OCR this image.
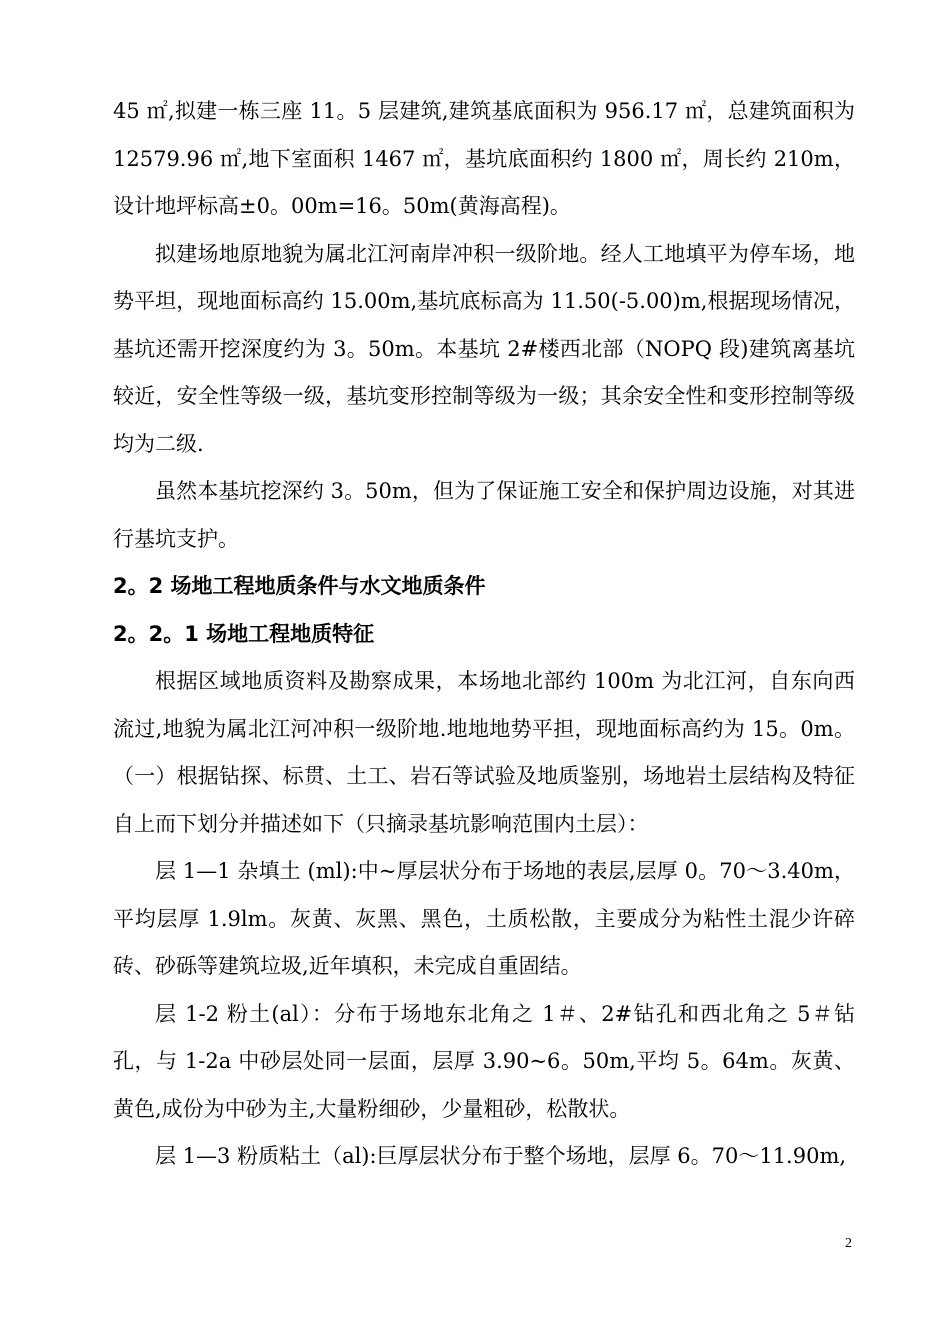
45 ㎡,拟建一栋三座 11。5 层建筑,建筑基底面积为 956.17 ㎡，总建筑面积为 12579.96 ㎡,地下室面积 1467 ㎡，基坑底面积约 1800 ㎡，周长约 210m，设计地坪标高±0。00m=16。50m(黄海高程)。

拟建场地原地貌为属北江河南岸冲积一级阶地。经人工地填平为停车场，地势平坦，现地面标高约 15.00m,基坑底标高为 11.50(-5.00)m,根据现场情况，基坑还需开挖深度约为 3。50m。本基坑 2#楼西北部（NOPQ 段)建筑离基坑较近，安全性等级一级，基坑变形控制等级为一级；其余安全性和变形控制等级均为二级.

虽然本基坑挖深约 3。50m，但为了保证施工安全和保护周边设施，对其进行基坑支护。

2。2 场地工程地质条件与水文地质条件

2。2。1 场地工程地质特征

根据区域地质资料及勘察成果，本场地北部约 100m 为北江河，自东向西流过,地貌为属北江河冲积一级阶地.地地地势平担，现地面标高约为 15。0m。（一）根据钻探、标贯、土工、岩石等试验及地质鉴别，场地岩土层结构及特征自上而下划分并描述如下（只摘录基坑影响范围内土层）：

层 1—1 杂填土 (ml):中~厚层状分布于场地的表层,层厚 0。70～3.40m，平均层厚 1.9lm。灰黄、灰黑、黑色，土质松散，主要成分为粘性土混少许碎砖、砂砾等建筑垃圾,近年填积，未完成自重固结。

层 1-2 粉土(al）：分布于场地东北角之 1＃、2#钻孔和西北角之 5＃钻孔，与 1-2a 中砂层处同一层面，层厚 3.90~6。50m,平均 5。64m。灰黄、黄色,成份为中砂为主,大量粉细砂，少量粗砂，松散状。

层 1—3 粉质粘土（al):巨厚层状分布于整个场地，层厚 6。70～11.90m,

2
